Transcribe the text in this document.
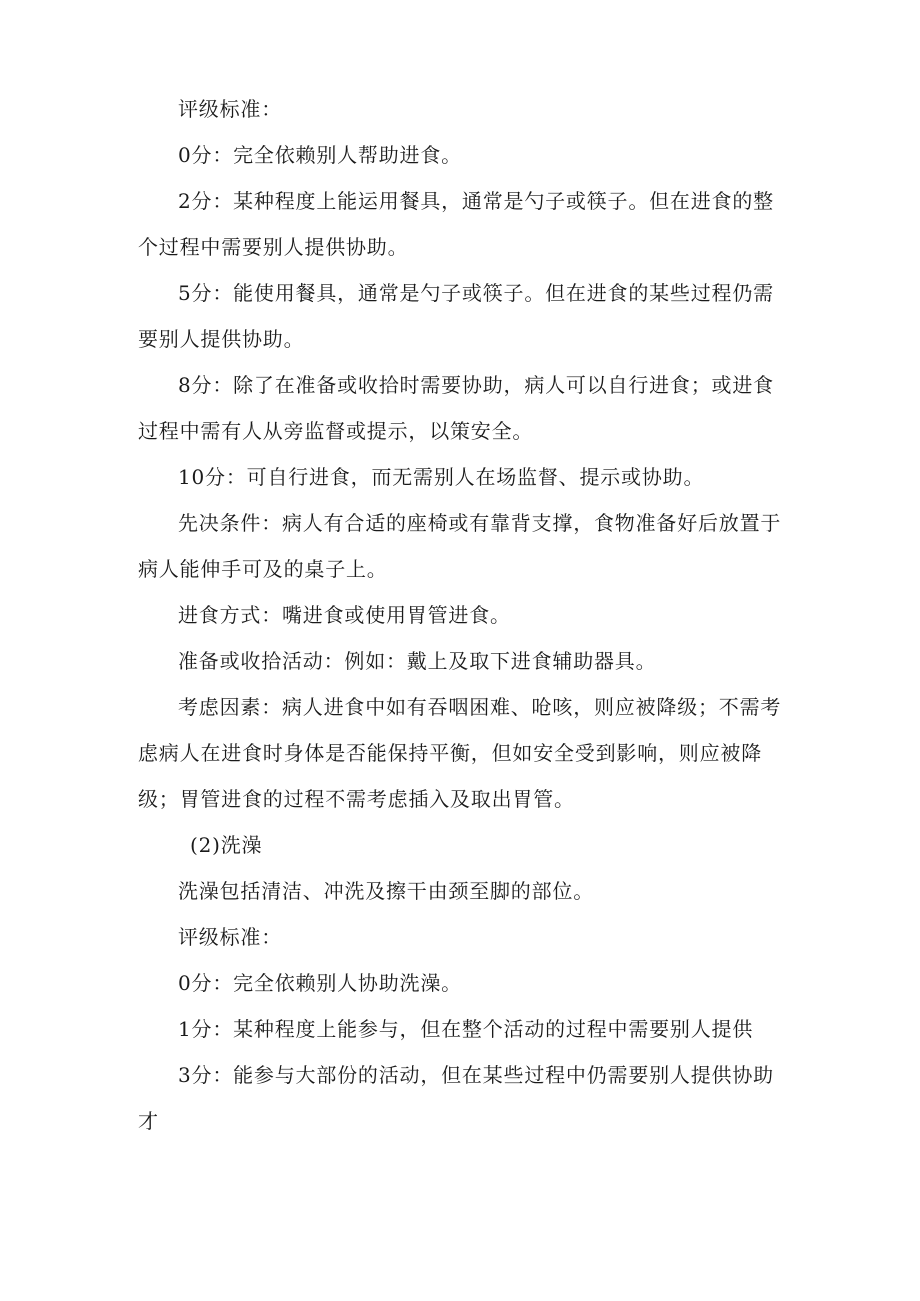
评级标准：

0分：完全依赖别人帮助进食。

2分：某种程度上能运用餐具，通常是勺子或筷子。但在进食的整个过程中需要别人提供协助。

5分：能使用餐具，通常是勺子或筷子。但在进食的某些过程仍需要别人提供协助。

8分：除了在准备或收拾时需要协助，病人可以自行进食；或进食过程中需有人从旁监督或提示，以策安全。

10分：可自行进食，而无需别人在场监督、提示或协助。

先决条件：病人有合适的座椅或有靠背支撑，食物准备好后放置于病人能伸手可及的桌子上。

进食方式：嘴进食或使用胃管进食。

准备或收拾活动：例如：戴上及取下进食辅助器具。

考虑因素：病人进食中如有吞咽困难、呛咳，则应被降级；不需考虑病人在进食时身体是否能保持平衡，但如安全受到影响，则应被降级；胃管进食的过程不需考虑插入及取出胃管。

(2)洗澡

洗澡包括清洁、冲洗及擦干由颈至脚的部位。

评级标准：

0分：完全依赖别人协助洗澡。

1分：某种程度上能参与，但在整个活动的过程中需要别人提供

3分：能参与大部份的活动，但在某些过程中仍需要别人提供协助才
